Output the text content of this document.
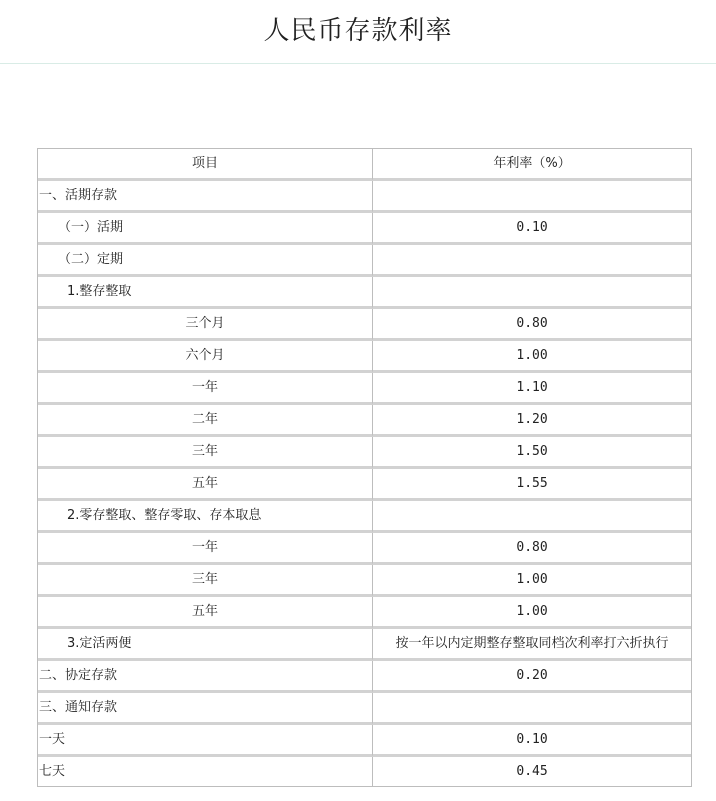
人民币存款利率
项目	年利率（%）
一、活期存款	
（一）活期	0.10
（二）定期	
1.整存整取	
三个月	0.80
六个月	1.00
一年	1.10
二年	1.20
三年	1.50
五年	1.55
2.零存整取、整存零取、存本取息	
一年	0.80
三年	1.00
五年	1.00
3.定活两便	按一年以内定期整存整取同档次利率打六折执行
二、协定存款	0.20
三、通知存款	
一天	0.10
七天	0.45
